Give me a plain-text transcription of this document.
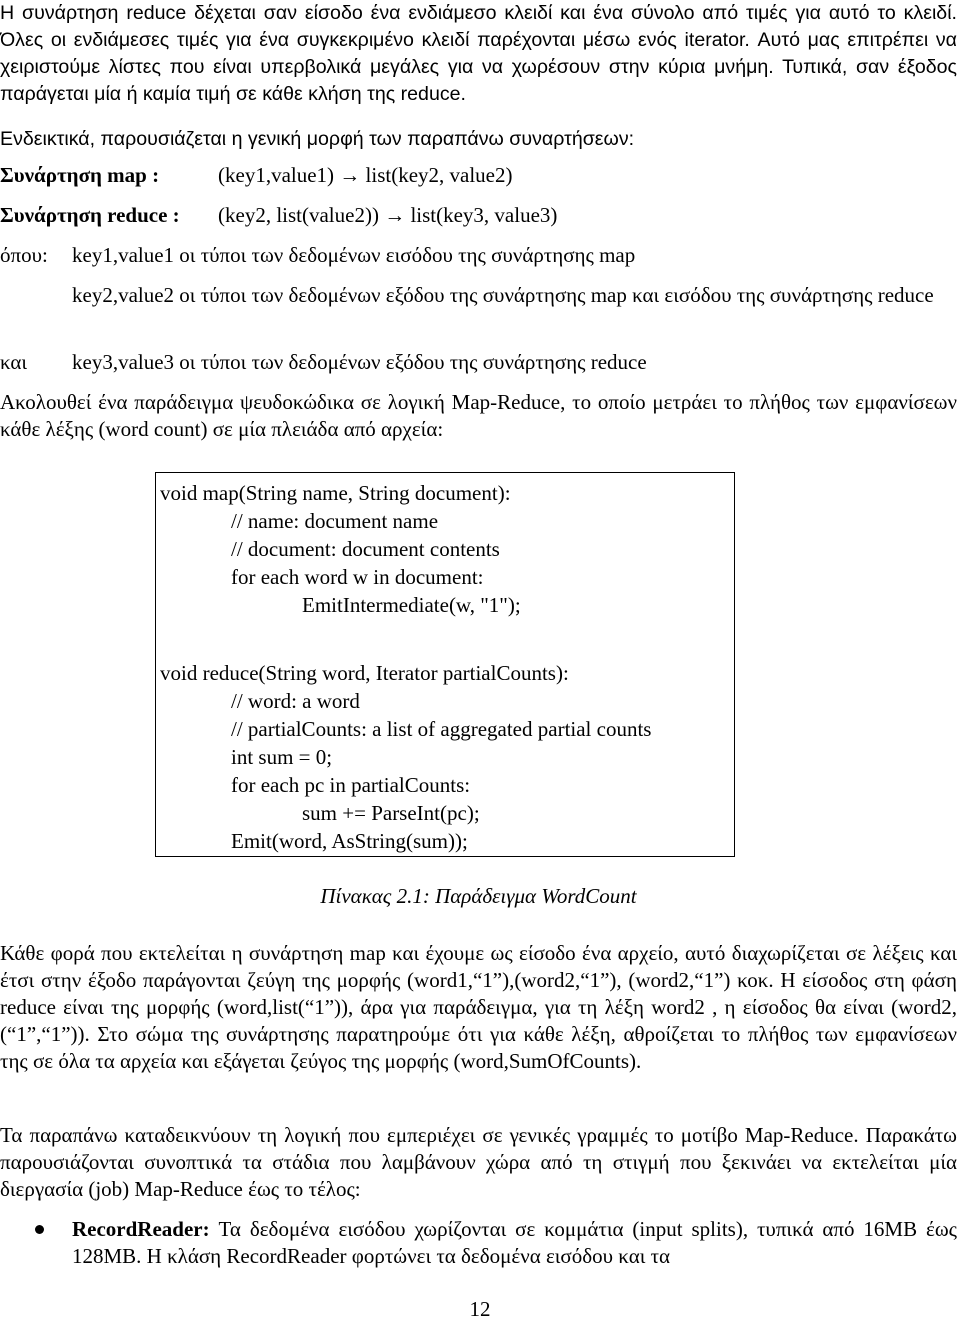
Η συνάρτηση reduce δέχεται σαν είσοδο ένα ενδιάμεσο κλειδί και ένα σύνολο από τιμές για αυτό το κλειδί. Όλες οι ενδιάμεσες τιμές για ένα συγκεκριμένο κλειδί παρέχονται μέσω ενός iterator. Αυτό μας επιτρέπει να χειριστούμε λίστες που είναι υπερβολικά μεγάλες για να χωρέσουν στην κύρια μνήμη. Τυπικά, σαν έξοδος παράγεται μία ή καμία τιμή σε κάθε κλήση της reduce.

Ενδεικτικά, παρουσιάζεται η γενική μορφή των παραπάνω συναρτήσεων:

Συνάρτηση map :	(key1,value1) → list(key2, value2)
Συνάρτηση reduce : (key2, list(value2)) → list(key3, value3)
όπου: key1,value1 οι τύποι των δεδομένων εισόδου της συνάρτησης map

key2,value2 οι τύποι των δεδομένων εξόδου της συνάρτησης map και εισόδου της συνάρτησης reduce

και key3,value3 οι τύποι των δεδομένων εξόδου της συνάρτησης reduce

Ακολουθεί ένα παράδειγμα ψευδοκώδικα σε λογική Map-Reduce, το οποίο μετράει το πλήθος των εμφανίσεων κάθε λέξης (word count) σε μία πλειάδα από αρχεία:

void map(String name, String document):
// name: document name
// document: document contents
for each word w in document:
EmitIntermediate(w, "1");
void reduce(String word, Iterator partialCounts):
// word: a word
// partialCounts: a list of aggregated partial counts
int sum = 0;
for each pc in partialCounts:
sum += ParseInt(pc);
Emit(word, AsString(sum));
Πίνακας 2.1: Παράδειγμα WordCount

Κάθε φορά που εκτελείται η συνάρτηση map και έχουμε ως είσοδο ένα αρχείο, αυτό διαχωρίζεται σε λέξεις και έτσι στην έξοδο παράγονται ζεύγη της μορφής (word1,“1”),(word2,“1”), (word2,“1”) κοκ. Η είσοδος στη φάση reduce είναι της μορφής (word,list(“1”)), άρα για παράδειγμα, για τη λέξη word2 , η είσοδος θα είναι (word2,(“1”,“1”)). Στο σώμα της συνάρτησης παρατηρούμε ότι για κάθε λέξη, αθροίζεται το πλήθος των εμφανίσεων της σε όλα τα αρχεία και εξάγεται ζεύγος της μορφής (word,SumOfCounts).

Τα παραπάνω καταδεικνύουν τη λογική που εμπεριέχει σε γενικές γραμμές το μοτίβο Map-Reduce. Παρακάτω παρουσιάζονται συνοπτικά τα στάδια που λαμβάνουν χώρα από τη στιγμή που ξεκινάει να εκτελείται μία διεργασία (job) Map-Reduce έως το τέλος:

RecordReader: Τα δεδομένα εισόδου χωρίζονται σε κομμάτια (input splits), τυπικά από 16MB έως 128MB. Η κλάση RecordReader φορτώνει τα δεδομένα εισόδου και τα

12
